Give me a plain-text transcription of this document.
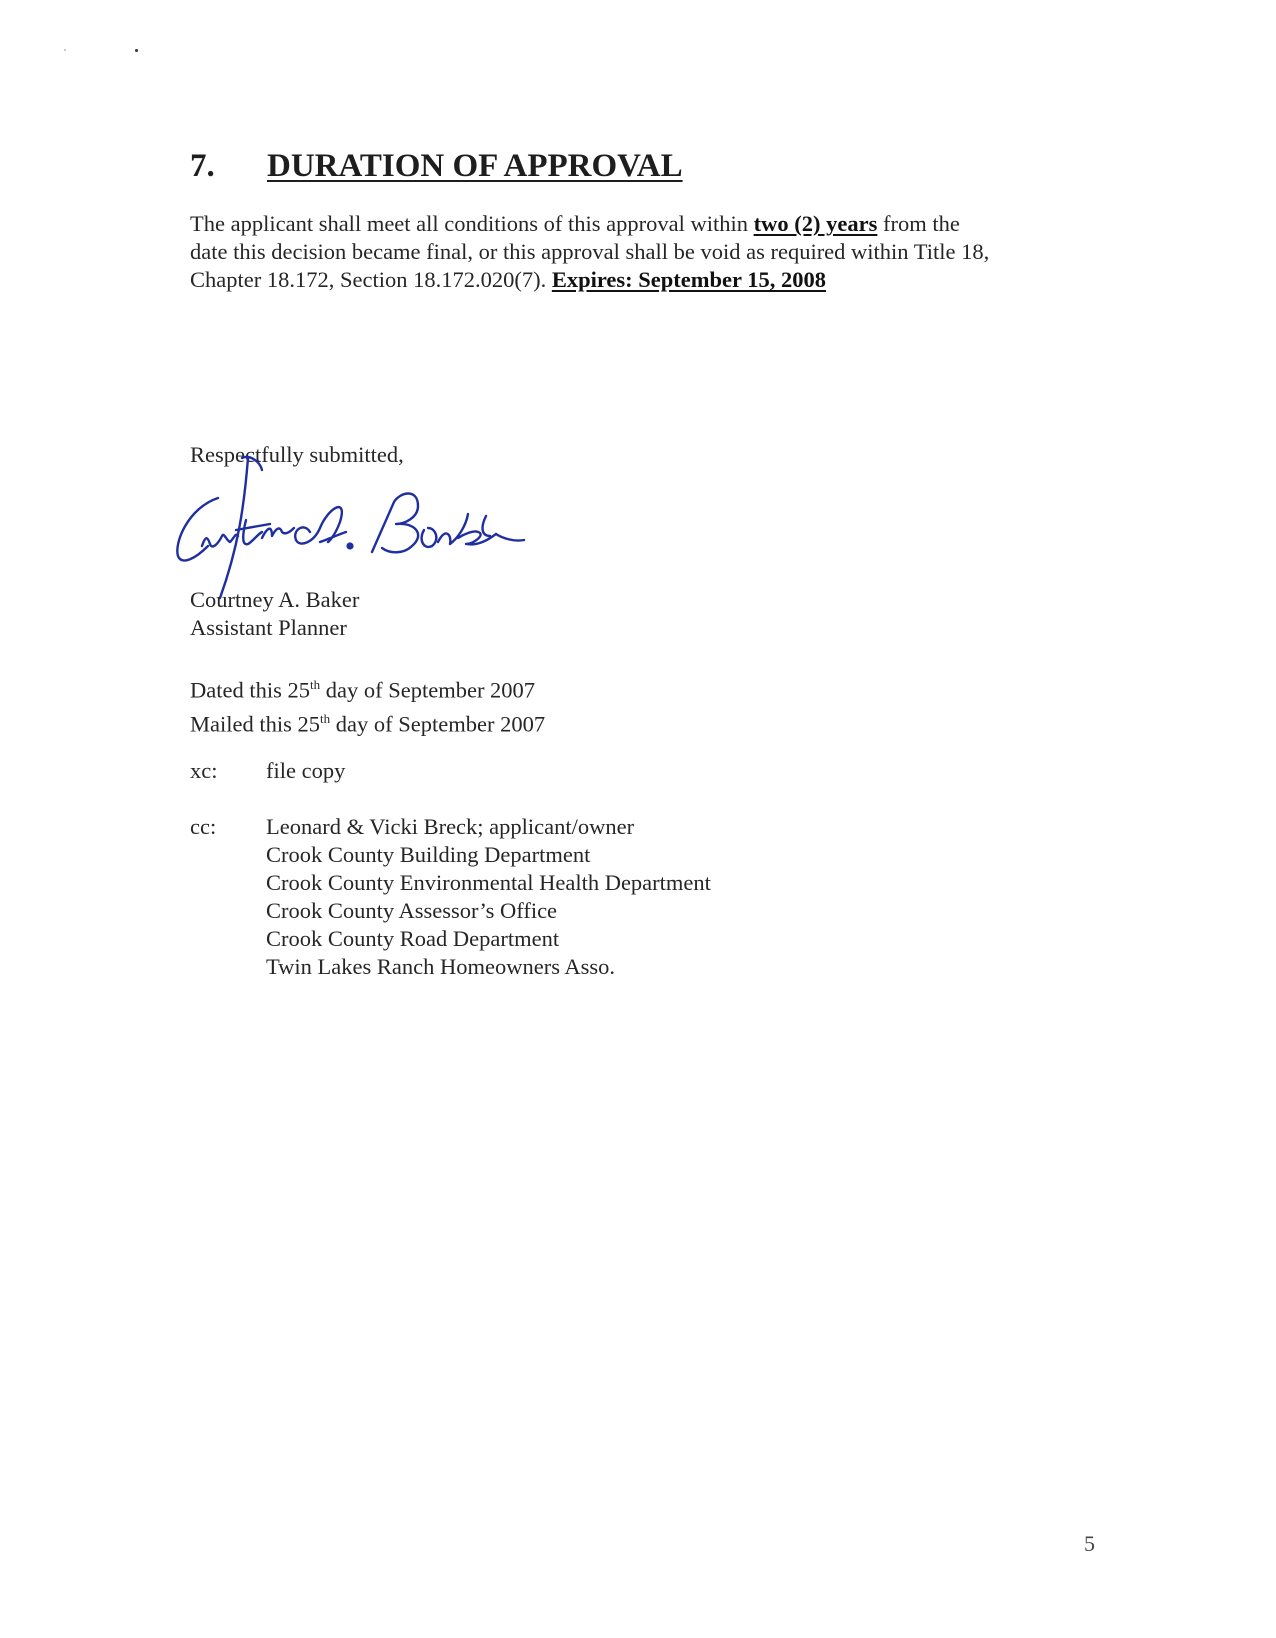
7. DURATION OF APPROVAL
The applicant shall meet all conditions of this approval within two (2) years from the
date this decision became final, or this approval shall be void as required within Title 18,
Chapter 18.172, Section 18.172.020(7). Expires: September 15, 2008
Respectfully submitted,
Courtney A. Baker
Assistant Planner
Dated this 25th day of September 2007
Mailed this 25th day of September 2007
xc: file copy
cc: Leonard & Vicki Breck; applicant/owner
Crook County Building Department
Crook County Environmental Health Department
Crook County Assessor’s Office
Crook County Road Department
Twin Lakes Ranch Homeowners Asso.
5
